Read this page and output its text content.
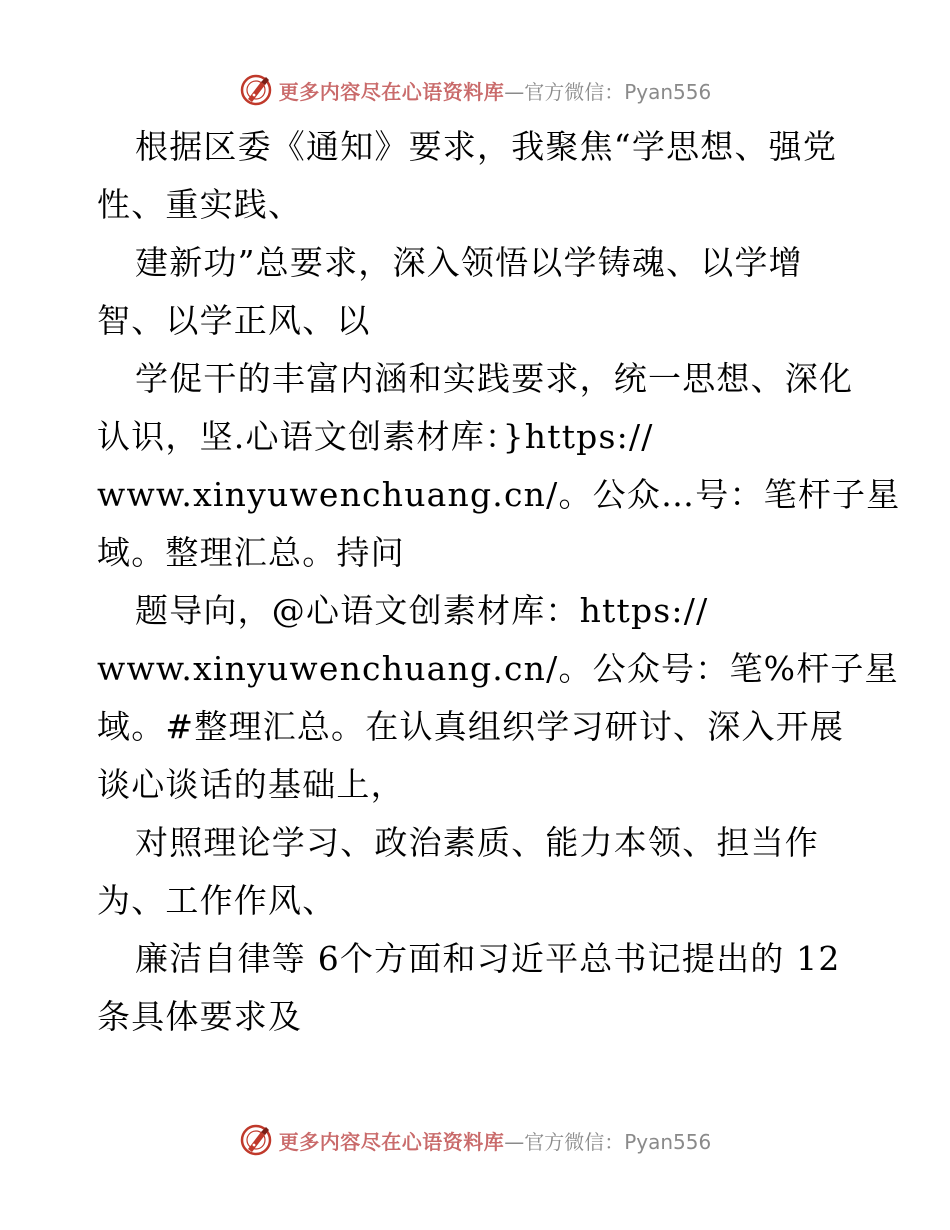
更多内容尽在心语资料库 — 官方微信：Pyan556
根据区委《通知》要求，我聚焦“学思想、强党
性、重实践、
建新功”总要求，深入领悟以学铸魂、以学增
智、以学正风、以
学促干的丰富内涵和实践要求，统一思想、深化
认识，坚.心语文创素材库：}https://
www.xinyuwenchuang.cn/。公众…号：笔杆子星
域。整理汇总。持问
题导向，@心语文创素材库：https://
www.xinyuwenchuang.cn/。公众号：笔%杆子星
域。#整理汇总。在认真组织学习研讨、深入开展
谈心谈话的基础上，
对照理论学习、政治素质、能力本领、担当作
为、工作作风、
廉洁自律等 6个方面和习近平总书记提出的 12
条具体要求及
更多内容尽在心语资料库 — 官方微信：Pyan556
